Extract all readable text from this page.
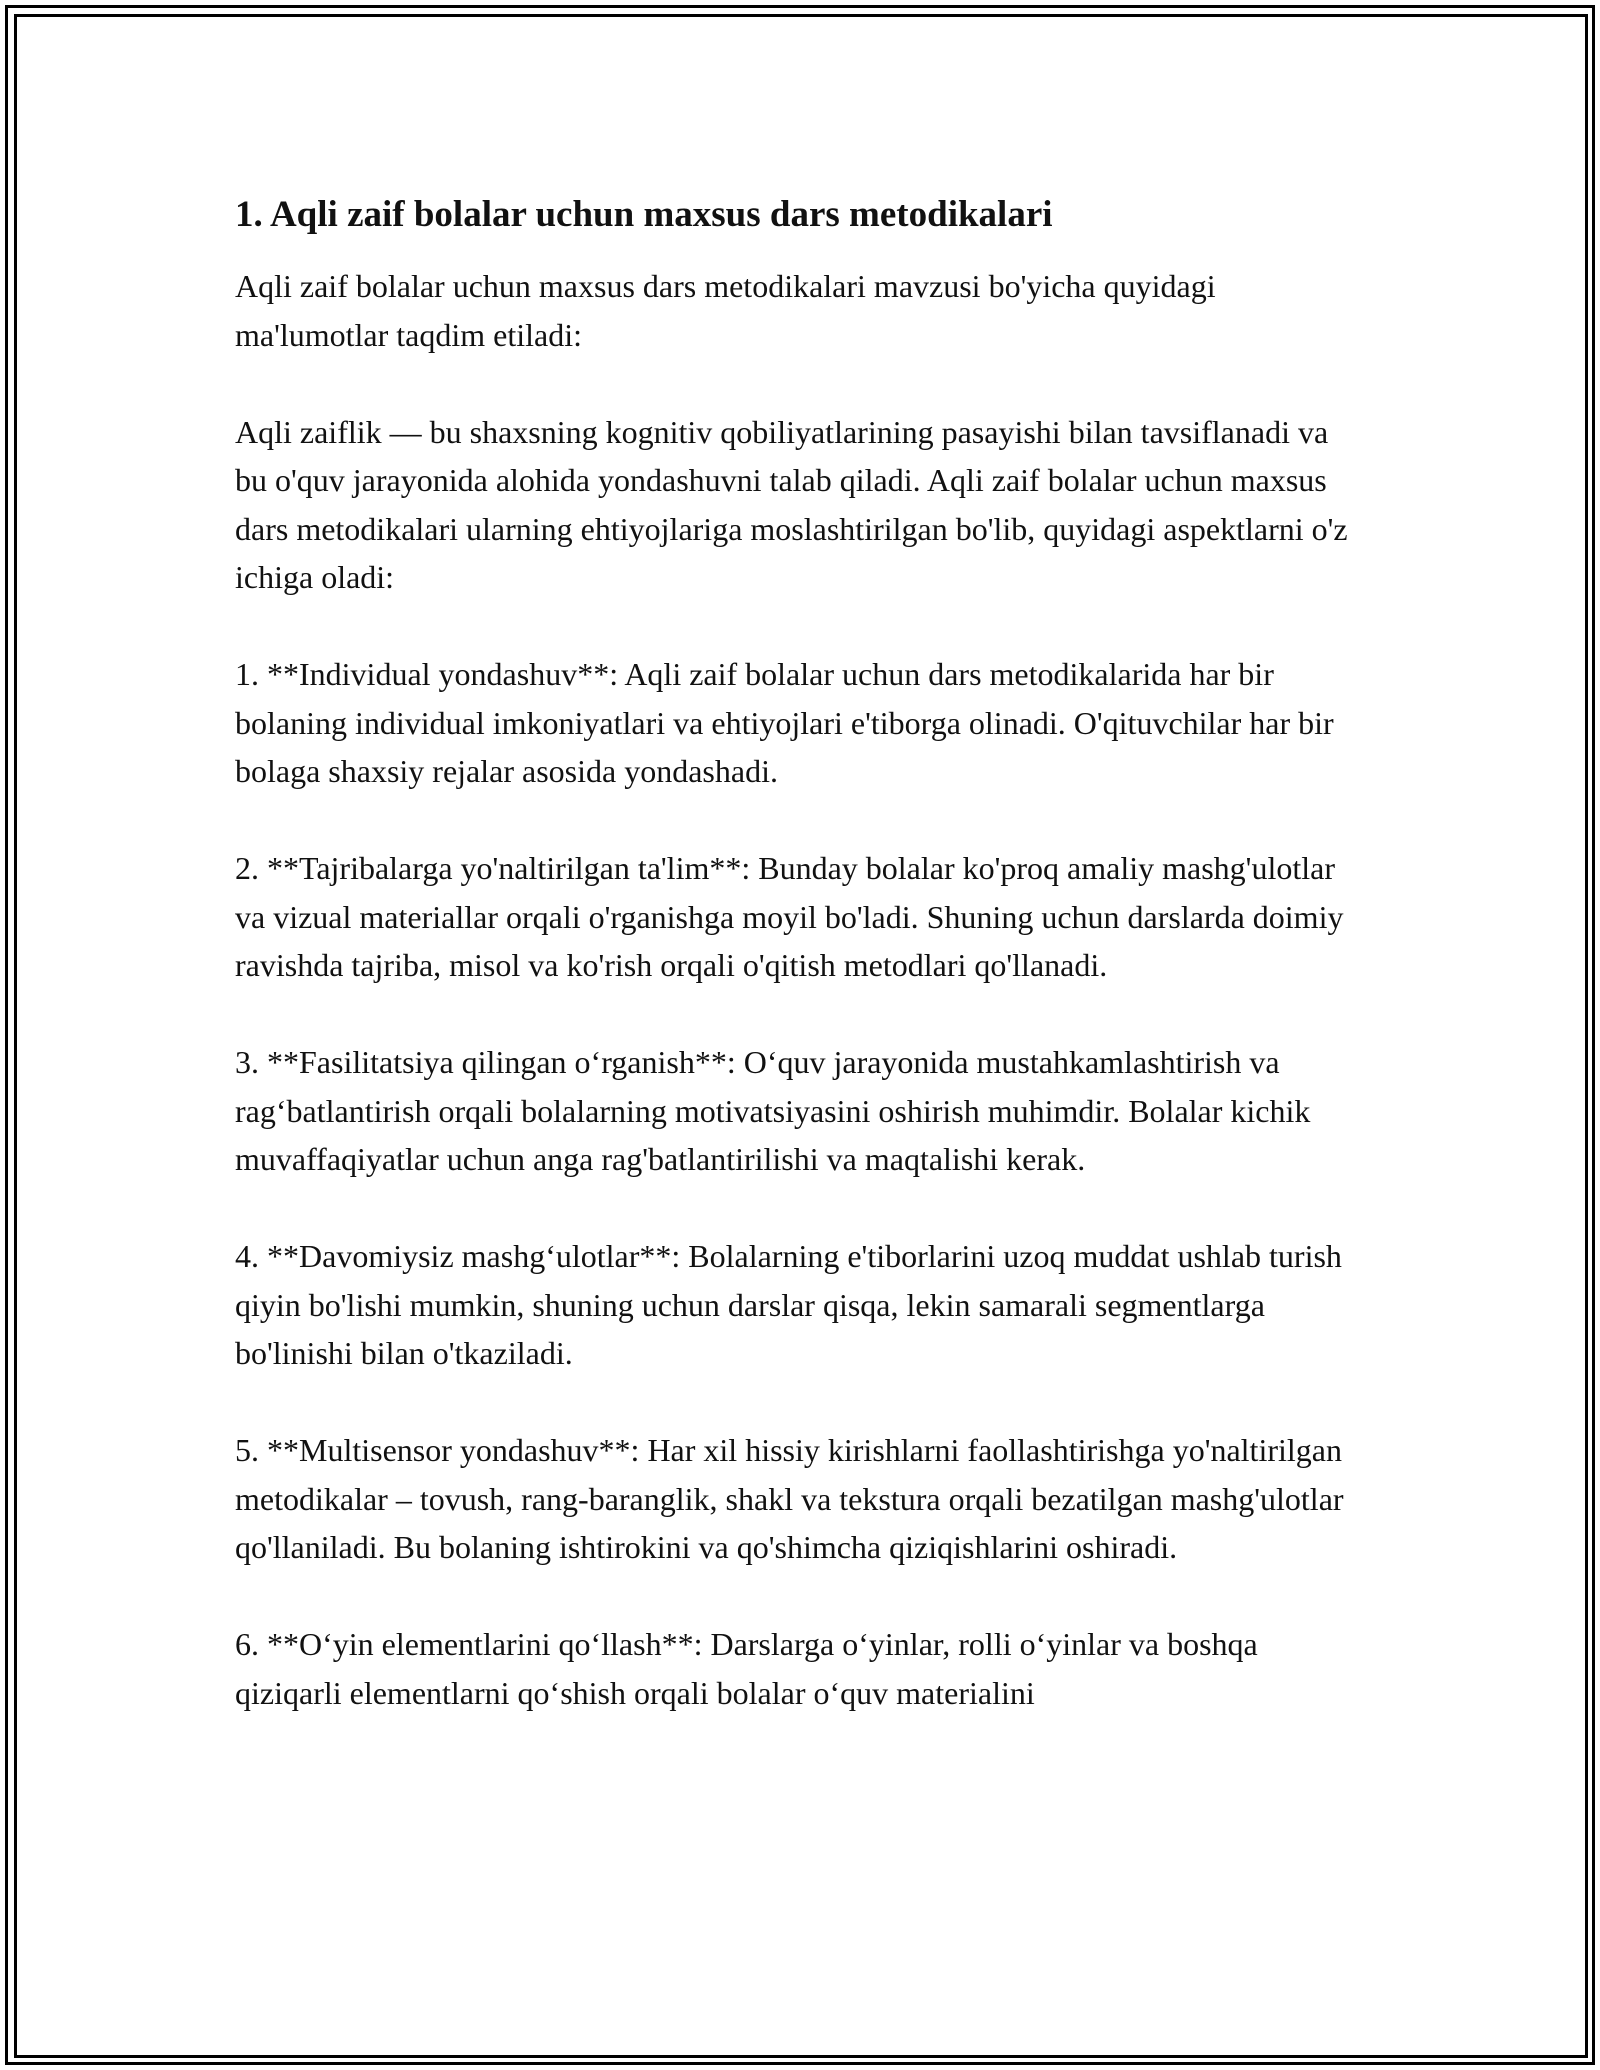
1. Aqli zaif bolalar uchun maxsus dars metodikalari

Aqli zaif bolalar uchun maxsus dars metodikalari mavzusi bo'yicha quyidagi ma'lumotlar taqdim etiladi:

Aqli zaiflik — bu shaxsning kognitiv qobiliyatlarining pasayishi bilan tavsiflanadi va bu o'quv jarayonida alohida yondashuvni talab qiladi. Aqli zaif bolalar uchun maxsus dars metodikalari ularning ehtiyojlariga moslashtirilgan bo'lib, quyidagi aspektlarni o'z ichiga oladi:

1. **Individual yondashuv**: Aqli zaif bolalar uchun dars metodikalarida har bir bolaning individual imkoniyatlari va ehtiyojlari e'tiborga olinadi. O'qituvchilar har bir bolaga shaxsiy rejalar asosida yondashadi.

2. **Tajribalarga yo'naltirilgan ta'lim**: Bunday bolalar ko'proq amaliy mashg'ulotlar va vizual materiallar orqali o'rganishga moyil bo'ladi. Shuning uchun darslarda doimiy ravishda tajriba, misol va ko'rish orqali o'qitish metodlari qo'llanadi.

3. **Fasilitatsiya qilingan o‘rganish**: O‘quv jarayonida mustahkamlashtirish va rag‘batlantirish orqali bolalarning motivatsiyasini oshirish muhimdir. Bolalar kichik muvaffaqiyatlar uchun anga rag'batlantirilishi va maqtalishi kerak.

4. **Davomiysiz mashg‘ulotlar**: Bolalarning e'tiborlarini uzoq muddat ushlab turish qiyin bo'lishi mumkin, shuning uchun darslar qisqa, lekin samarali segmentlarga bo'linishi bilan o'tkaziladi.

5. **Multisensor yondashuv**: Har xil hissiy kirishlarni faollashtirishga yo'naltirilgan metodikalar – tovush, rang-baranglik, shakl va tekstura orqali bezatilgan mashg'ulotlar qo'llaniladi. Bu bolaning ishtirokini va qo'shimcha qiziqishlarini oshiradi.

6. **O‘yin elementlarini qo‘llash**: Darslarga o‘yinlar, rolli o‘yinlar va boshqa qiziqarli elementlarni qo‘shish orqali bolalar o‘quv materialini
